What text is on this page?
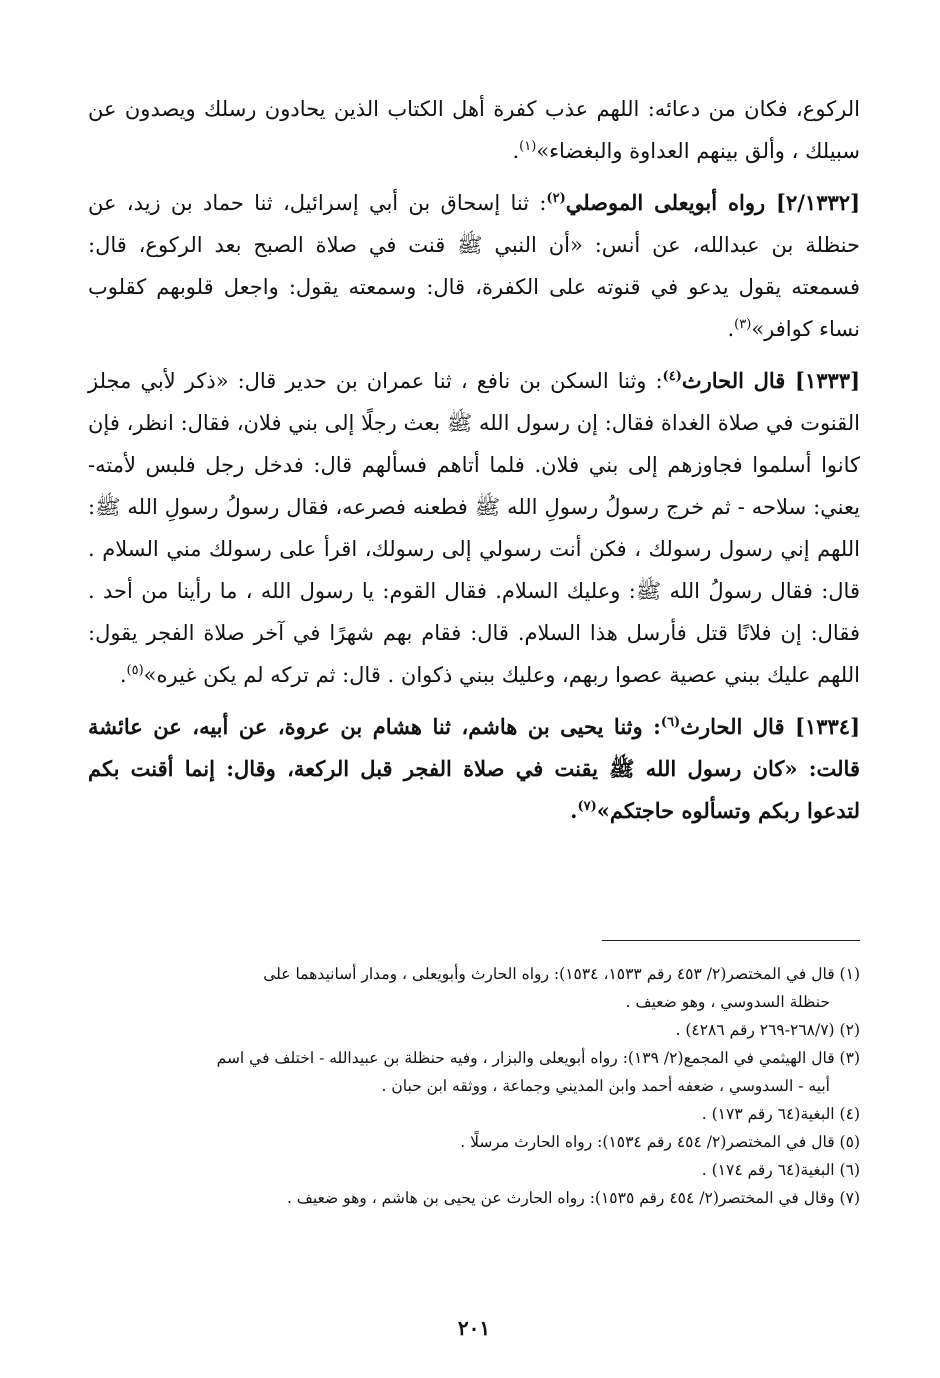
الركوع، فكان من دعائه: اللهم عذب كفرة أهل الكتاب الذين يحادون رسلك ويصدون عن سبيلك ، وألق بينهم العداوة والبغضاء»$^{(١)}$.

[٢/١٣٣٢] رواه أبويعلى الموصلي$^{(٢)}$: ثنا إسحاق بن أبي إسرائيل، ثنا حماد بن زيد، عن حنظلة بن عبدالله، عن أنس: «أن النبي ﷺ قنت في صلاة الصبح بعد الركوع، قال: فسمعته يقول يدعو في قنوته على الكفرة، قال: وسمعته يقول: واجعل قلوبهم كقلوب نساء كوافر»$^{(٣)}$.

[١٣٣٣] قال الحارث$^{(٤)}$: وثنا السكن بن نافع ، ثنا عمران بن حدير قال: «ذكر لأبي مجلز القنوت في صلاة الغداة فقال: إن رسول الله ﷺ بعث رجلًا إلى بني فلان، فقال: انظر، فإن كانوا أسلموا فجاوزهم إلى بني فلان. فلما أتاهم فسألهم قال: فدخل رجل فلبس لأمته- يعني: سلاحه - ثم خرج رسولُ رسولِ الله ﷺ فطعنه فصرعه، فقال رسولُ رسولِ الله ﷺ: اللهم إني رسول رسولك ، فكن أنت رسولي إلى رسولك، اقرأ على رسولك مني السلام . قال: فقال رسولُ الله ﷺ: وعليك السلام. فقال القوم: يا رسول الله ، ما رأينا من أحد . فقال: إن فلانًا قتل فأرسل هذا السلام. قال: فقام بهم شهرًا في آخر صلاة الفجر يقول: اللهم عليك ببني عصية عصوا ربهم، وعليك ببني ذكوان . قال: ثم تركه لم يكن غيره»$^{(٥)}$.

[١٣٣٤] قال الحارث$^{(٦)}$: وثنا يحيى بن هاشم، ثنا هشام بن عروة، عن أبيه، عن عائشة قالت: «كان رسول الله ﷺ يقنت في صلاة الفجر قبل الركعة، وقال: إنما أقنت بكم لتدعوا ربكم وتسألوه حاجتكم»$^{(٧)}$.

(١) قال في المختصر(٢/ ٤٥٣ رقم ١٥٣٣، ١٥٣٤): رواه الحارث وأبويعلى ، ومدار أسانيدهما على
حنظلة السدوسي ، وهو ضعيف .

(٢) (٢٦٨/٧-٢٦٩ رقم ٤٢٨٦) .

(٣) قال الهيثمي في المجمع(٢/ ١٣٩): رواه أبويعلى والبزار ، وفيه حنظلة بن عبيدالله - اختلف في اسم
أبيه - السدوسي ، ضعفه أحمد وابن المديني وجماعة ، ووثقه ابن حبان .

(٤) البغية(٦٤ رقم ١٧٣) .

(٥) قال في المختصر(٢/ ٤٥٤ رقم ١٥٣٤): رواه الحارث مرسلًا .

(٦) البغية(٦٤ رقم ١٧٤) .

(٧) وقال في المختصر(٢/ ٤٥٤ رقم ١٥٣٥): رواه الحارث عن يحيى بن هاشم ، وهو ضعيف .

٢٠١
